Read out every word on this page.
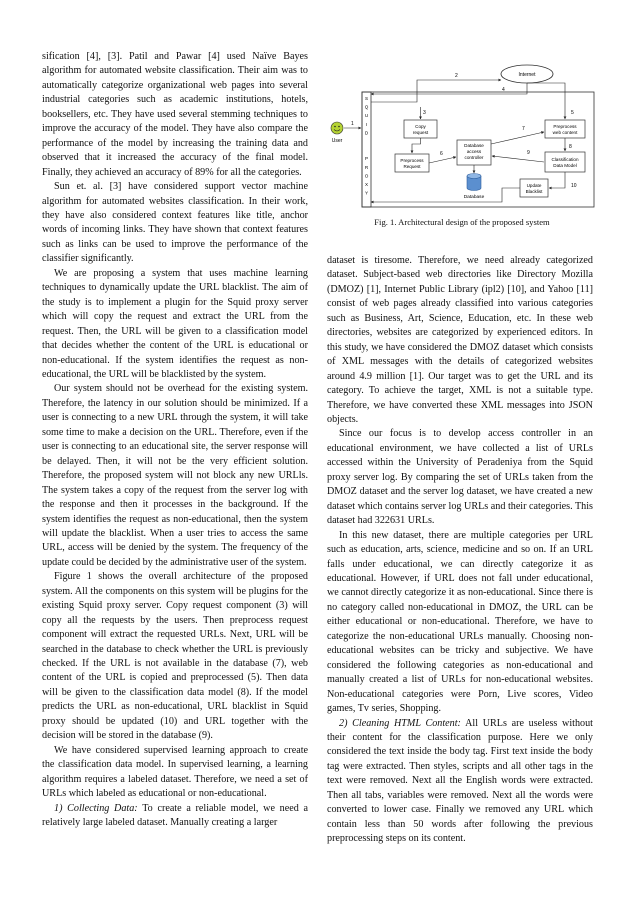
sification [4], [3]. Patil and Pawar [4] used Naïve Bayes algorithm for automated website classification. Their aim was to automatically categorize organizational web pages into several industrial categories such as academic institutions, hotels, booksellers, etc. They have used several stemming techniques to improve the accuracy of the model. They have also compare the performance of the model by increasing the training data and observed that it increased the accuracy of the final model. Finally, they achieved an accuracy of 89% for all the categories.

Sun et. al. [3] have considered support vector machine algorithm for automated websites classification. In their work, they have also considered context features like title, anchor words of incoming links. They have shown that context features such as links can be used to improve the performance of the classifier significantly.

We are proposing a system that uses machine learning techniques to dynamically update the URL blacklist. The aim of the study is to implement a plugin for the Squid proxy server which will copy the request and extract the URL from the request. Then, the URL will be given to a classification model that decides whether the content of the URL is educational or non-educational. If the system identifies the request as non-educational, the URL will be blacklisted by the system.

Our system should not be overhead for the existing system. Therefore, the latency in our solution should be minimized. If a user is connecting to a new URL through the system, it will take some time to make a decision on the URL. Therefore, even if the user is connecting to an educational site, the server response will be delayed. Then, it will not be the very efficient solution. Therefore, the proposed system will not block any new URLls. The system takes a copy of the request from the server log with the response and then it processes in the background. If the system identifies the request as non-educational, then the system will update the blacklist. When a user tries to access the same URL, access will be denied by the system. The frequency of the update could be decided by the administrative user of the system.

Figure 1 shows the overall architecture of the proposed system. All the components on this system will be plugins for the existing Squid proxy server. Copy request component (3) will copy all the requests by the users. Then preprocess request component will extract the requested URLs. Next, URL will be searched in the database to check whether the URL is previously checked. If the URL is not available in the database (7), web content of the URL is copied and preprocessed (5). Then data will be given to the classification data model (8). If the model predicts the URL as non-educational, URL blacklist in Squid proxy should be updated (10) and URL together with the decision will be stored in the database (9).

We have considered supervised learning approach to create the classification data model. In supervised learning, a learning algorithm requires a labeled dataset. Therefore, we need a set of URLs which labeled as educational or non-educational.

1) Collecting Data: To create a reliable model, we need a relatively large labeled dataset. Manually creating a larger

S
Q
U
I
D
P
R
O
X
Y
Internet
User
Copy
request
Preprocess
Request
Database
access
controller
Preprocess
web content
Classification
Data Model
Update
Blacklist
Database
1
2
3
4
5
6
7
8
9
10
Fig. 1. Architectural design of the proposed system

dataset is tiresome. Therefore, we need already categorized dataset. Subject-based web directories like Directory Mozilla (DMOZ) [1], Internet Public Library (ipl2) [10], and Yahoo [11] consist of web pages already classified into various categories such as Business, Art, Science, Education, etc. In these web directories, websites are categorized by experienced editors. In this study, we have considered the DMOZ dataset which consists of XML messages with the details of categorized websites around 4.9 million [1]. Our target was to get the URL and its category. To achieve the target, XML is not a suitable type. Therefore, we have converted these XML messages into JSON objects.

Since our focus is to develop access controller in an educational environment, we have collected a list of URLs accessed within the University of Peradeniya from the Squid proxy server log. By comparing the set of URLs taken from the DMOZ dataset and the server log dataset, we have created a new dataset which contains server log URLs and their categories. This dataset had 322631 URLs.

In this new dataset, there are multiple categories per URL such as education, arts, science, medicine and so on. If an URL falls under educational, we can directly categorize it as educational. However, if URL does not fall under educational, we cannot directly categorize it as non-educational. Since there is no category called non-educational in DMOZ, the URL can be either educational or non-educational. Therefore, we have to categorize the non-educational URLs manually. Choosing non-educational websites can be tricky and subjective. We have considered the following categories as non-educational and manually created a list of URLs for non-educational websites. Non-educational categories were Porn, Live scores, Video games, Tv series, Shopping.

2) Cleaning HTML Content: All URLs are useless without their content for the classification purpose. Here we only considered the text inside the body tag. First text inside the body tag were extracted. Then styles, scripts and all other tags in the text were removed. Next all the English words were extracted. Then all tabs, variables were removed. Next all the words were converted to lower case. Finally we removed any URL which contain less than 50 words after following the previous preprocessing steps on its content.
